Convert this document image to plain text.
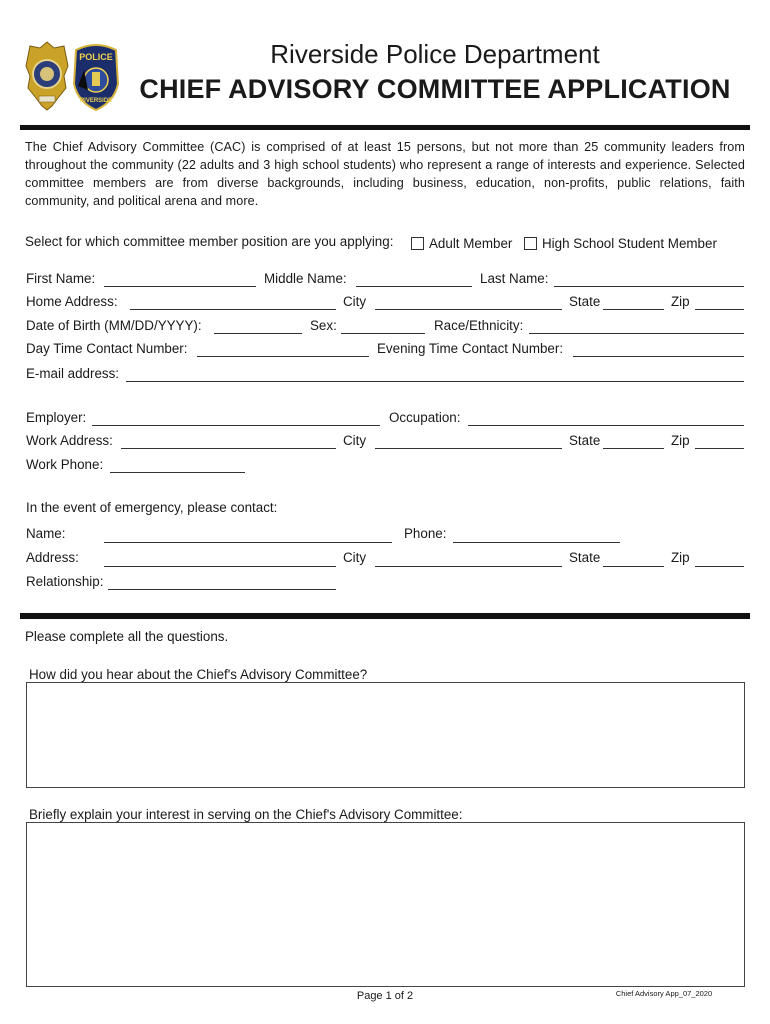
POLICE
RIVERSIDE
Riverside Police Department
CHIEF ADVISORY COMMITTEE APPLICATION
The Chief Advisory Committee (CAC) is comprised of at least 15 persons, but not more than 25 community leaders from throughout the community (22 adults and 3 high school students) who represent a range of interests and experience. Selected committee members are from diverse backgrounds, including business, education, non-profits, public relations, faith community, and political arena and more.
Select for which committee member position are you applying:	Adult Member High School Student Member
First Name:	Middle Name:	Last Name:
Home Address:	City	State	Zip
Date of Birth (MM/DD/YYYY):	Sex:	Race/Ethnicity:
Day Time Contact Number:	Evening Time Contact Number:
E-mail address:
Employer:	Occupation:
Work Address:	City	State	Zip
Work Phone:
In the event of emergency, please contact:
Name:	Phone:
Address:	City	State	Zip
Relationship:
Please complete all the questions.
How did you hear about the Chief's Advisory Committee?
Briefly explain your interest in serving on the Chief's Advisory Committee:
Page 1 of 2	Chief Advisory App_07_2020
